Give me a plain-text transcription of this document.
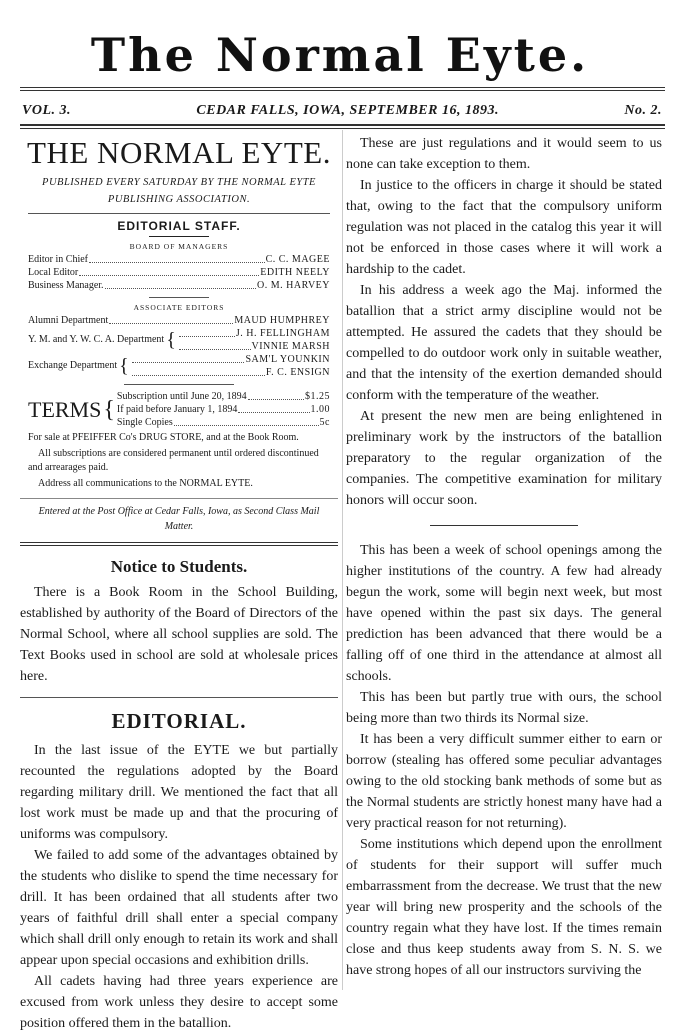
The Normal Eyte.
VOL. 3.	CEDAR FALLS, IOWA, SEPTEMBER 16, 1893.	No. 2.
THE NORMAL EYTE.
PUBLISHED EVERY SATURDAY BY THE NORMAL EYTE
PUBLISHING ASSOCIATION.
EDITORIAL STAFF.
BOARD OF MANAGERS
Editor in Chief	C. C. MAGEE
Local Editor	EDITH NEELY
Business Manager.	O. M. HARVEY
ASSOCIATE EDITORS
Alumni Department	MAUD HUMPHREY
Y. M. and Y. W. C. A. Department {	J. H. FELLINGHAM
VINNIE MARSH
Exchange Department {	SAM'L YOUNKIN
F. C. ENSIGN
TERMS { Subscription until June 20, 1894	$1.25
If paid before January 1, 1894	1.00
Single Copies	5c
For sale at PFEIFFER Co's DRUG STORE, and at the Book Room.
All subscriptions are considered permanent until ordered discontinued and arrearages paid.
Address all communications to the NORMAL EYTE.
Entered at the Post Office at Cedar Falls, Iowa, as Second Class Mail Matter.
Notice to Students.

There is a Book Room in the School Building, established by authority of the Board of Directors of the Normal School, where all school supplies are sold. The Text Books used in school are sold at wholesale prices here.

EDITORIAL.

In the last issue of the EYTE we but partially recounted the regulations adopted by the Board regarding military drill. We mentioned the fact that all lost work must be made up and that the procuring of uniforms was compulsory.

We failed to add some of the advantages obtained by the students who dislike to spend the time necessary for drill. It has been ordained that all students after two years of faithful drill shall enter a special company which shall drill only enough to retain its work and shall appear upon special occasions and exhibition drills.

All cadets having had three years experience are excused from work unless they desire to accept some position offered them in the batallion.

These are just regulations and it would seem to us none can take exception to them.

In justice to the officers in charge it should be stated that, owing to the fact that the compulsory uniform regulation was not placed in the catalog this year it will not be enforced in those cases where it will work a hardship to the cadet.

In his address a week ago the Maj. informed the batallion that a strict army discipline would not be attempted. He assured the cadets that they should be compelled to do outdoor work only in suitable weather, and that the intensity of the exertion demanded should conform with the temperature of the weather.

At present the new men are being enlightened in preliminary work by the instructors of the batallion preparatory to the regular organization of the companies. The competitive examination for military honors will occur soon.

This has been a week of school openings among the higher institutions of the country. A few had already begun the work, some will begin next week, but most have opened within the past six days. The general prediction has been advanced that there would be a falling off of one third in the attendance at almost all schools.

This has been but partly true with ours, the school being more than two thirds its Normal size.

It has been a very difficult summer either to earn or borrow (stealing has offered some peculiar advantages owing to the old stocking bank methods of some but as the Normal students are strictly honest many have had a very practical reason for not returning).

Some institutions which depend upon the enrollment of students for their support will suffer much embarrassment from the decrease. We trust that the new year will bring new prosperity and the schools of the country regain what they have lost. If the times remain close and thus keep students away from S. N. S. we have strong hopes of all our instructors surviving the
